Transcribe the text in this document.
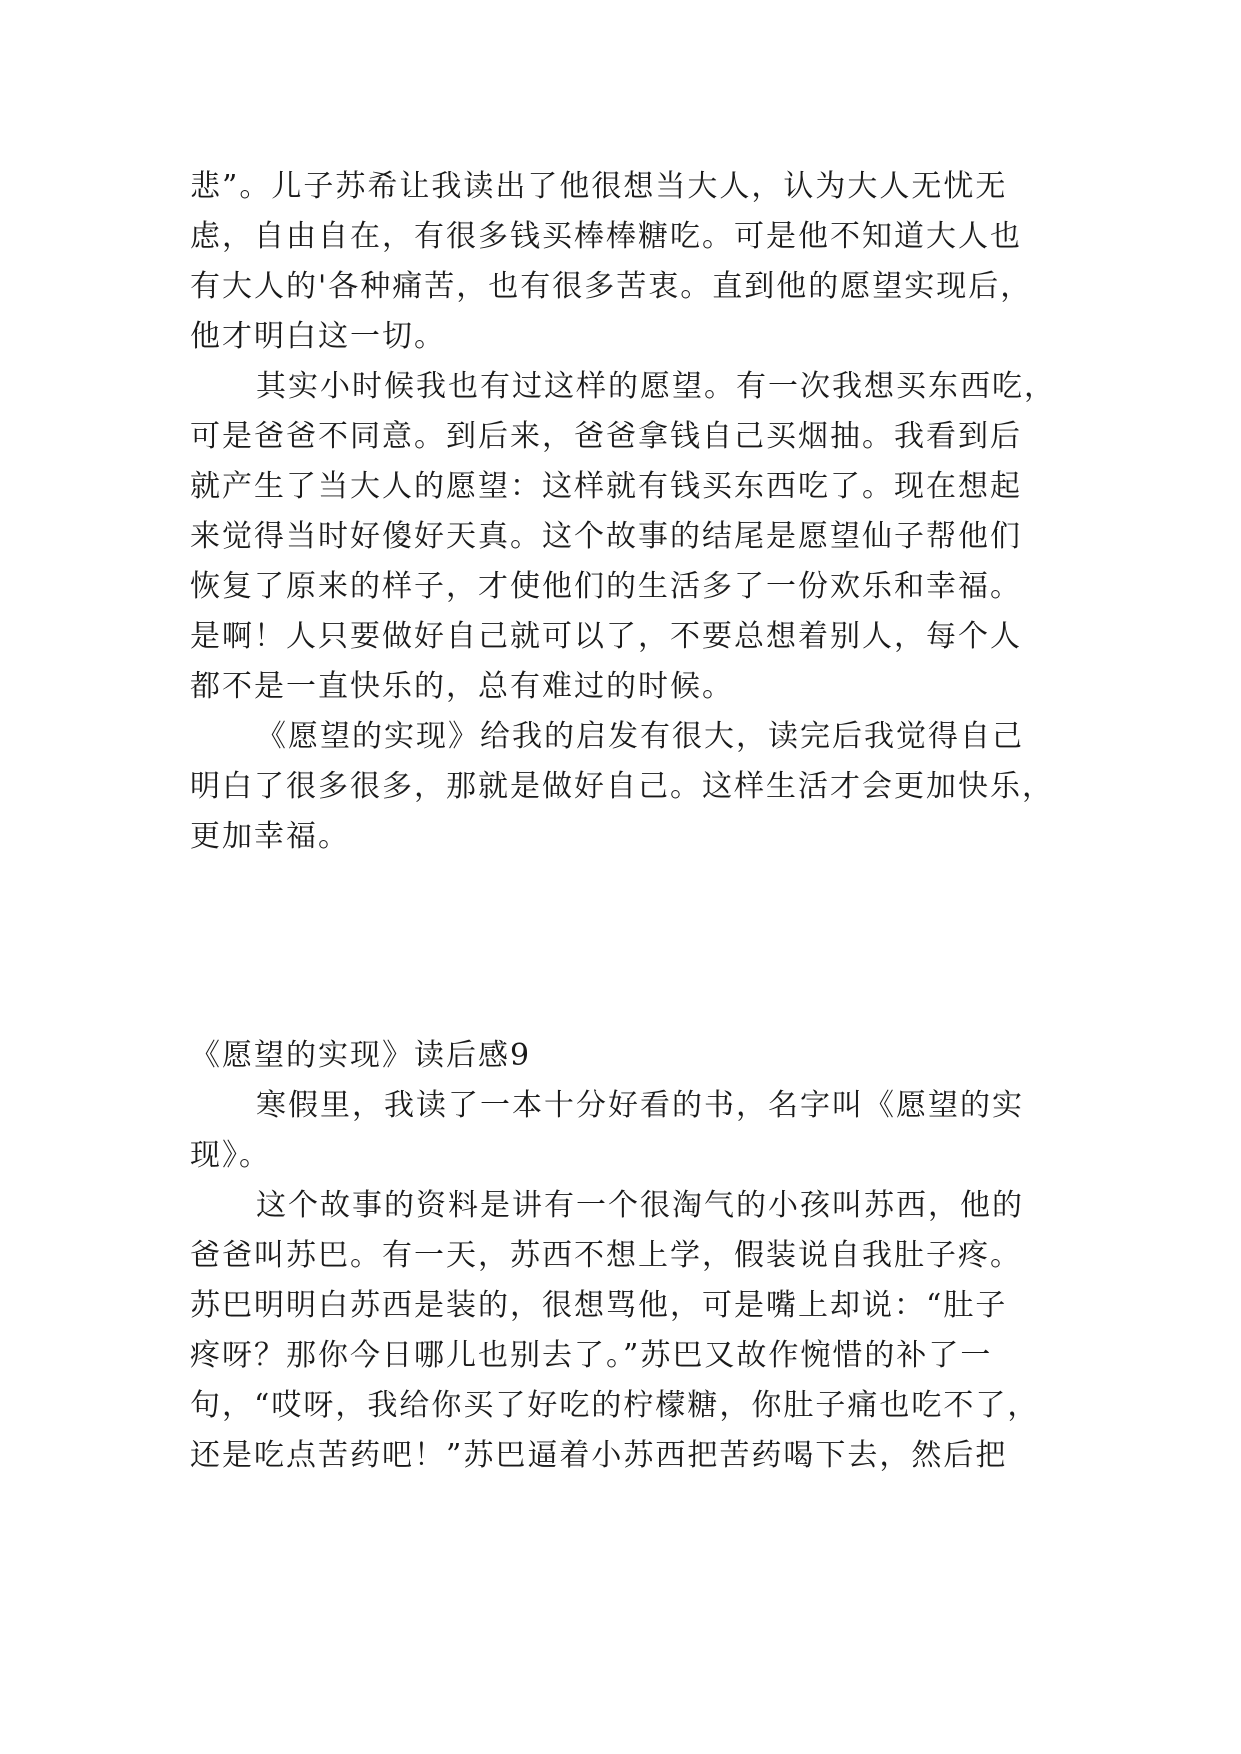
悲”。儿子苏希让我读出了他很想当大人，认为大人无忧无
虑，自由自在，有很多钱买棒棒糖吃。可是他不知道大人也
有大人的'各种痛苦，也有很多苦衷。直到他的愿望实现后，
他才明白这一切。
其实小时候我也有过这样的愿望。有一次我想买东西吃，
可是爸爸不同意。到后来，爸爸拿钱自己买烟抽。我看到后
就产生了当大人的愿望：这样就有钱买东西吃了。现在想起
来觉得当时好傻好天真。这个故事的结尾是愿望仙子帮他们
恢复了原来的样子，才使他们的生活多了一份欢乐和幸福。
是啊！人只要做好自己就可以了，不要总想着别人，每个人
都不是一直快乐的，总有难过的时候。
《愿望的实现》给我的启发有很大，读完后我觉得自己
明白了很多很多，那就是做好自己。这样生活才会更加快乐，
更加幸福。
《愿望的实现》读后感9
寒假里，我读了一本十分好看的书，名字叫《愿望的实
现》。
这个故事的资料是讲有一个很淘气的小孩叫苏西，他的
爸爸叫苏巴。有一天，苏西不想上学，假装说自我肚子疼。
苏巴明明白苏西是装的，很想骂他，可是嘴上却说：“肚子
疼呀？那你今日哪儿也别去了。”苏巴又故作惋惜的补了一
句，“哎呀，我给你买了好吃的柠檬糖，你肚子痛也吃不了，
还是吃点苦药吧！”苏巴逼着小苏西把苦药喝下去，然后把
